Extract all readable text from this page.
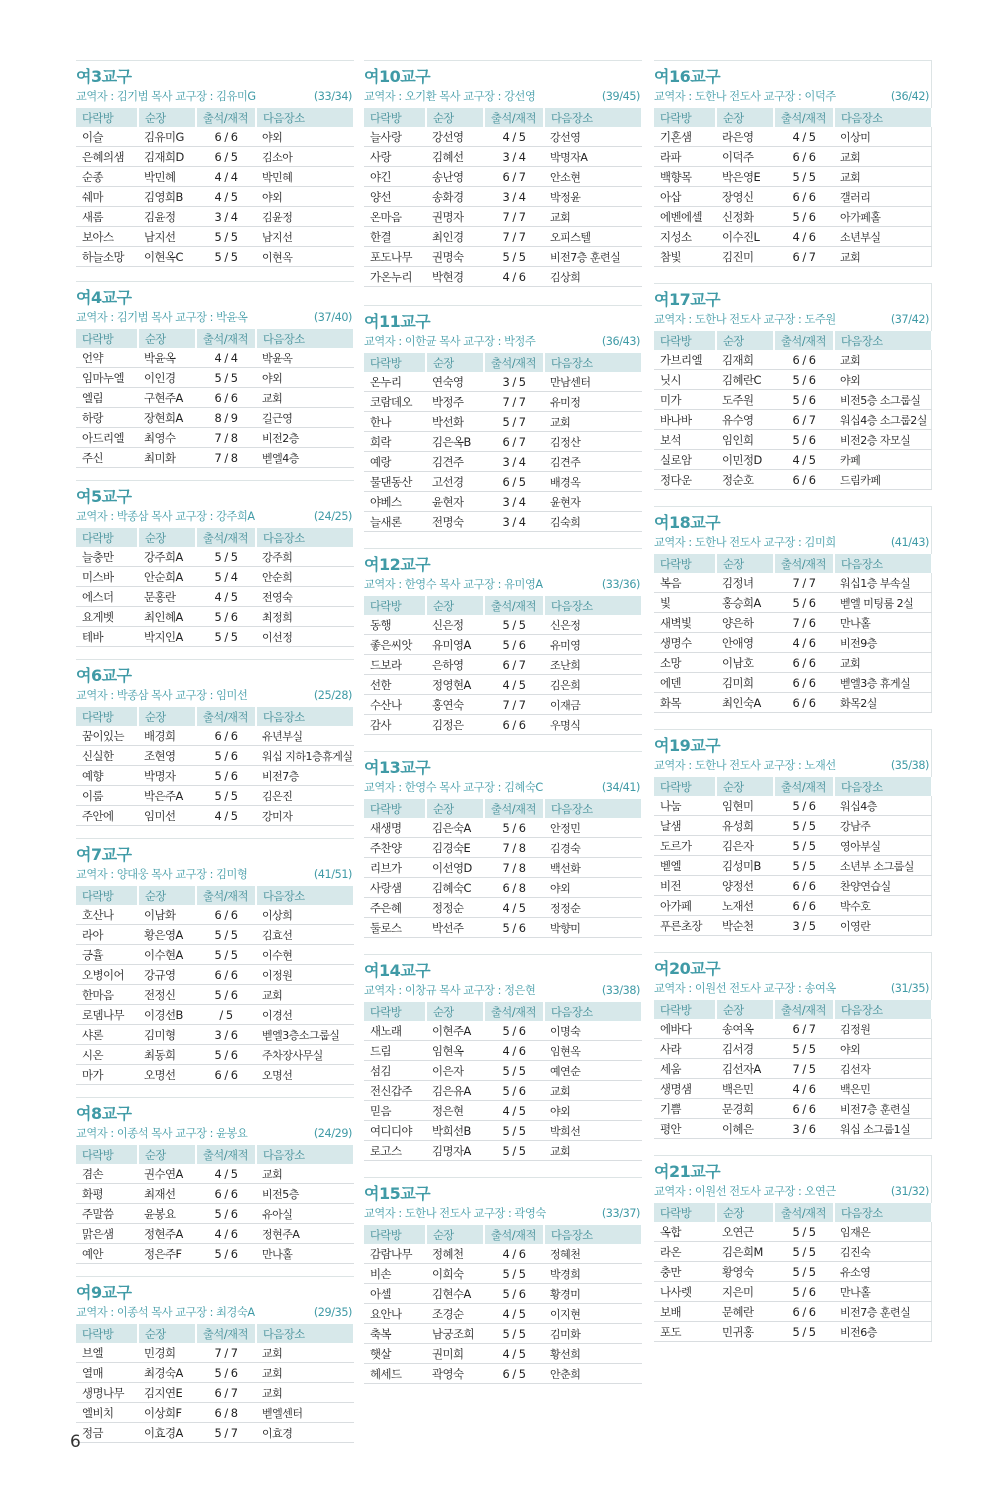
여3교구
교역자 : 김기범 목사 교구장 : 김유미G	(33/34)
다락방	순장	출석/재적	다음장소
이슬	김유미G	6 / 6	야외
은혜의샘	김재희D	6 / 5	김소아
순종	박민혜	4 / 4	박민혜
쉐마	김영희B	4 / 5	야외
새롬	김윤정	3 / 4	김윤정
보아스	남지선	5 / 5	남지선
하늘소망	이현옥C	5 / 5	이현옥
여4교구
교역자 : 김기범 목사 교구장 : 박윤옥	(37/40)
다락방	순장	출석/재적	다음장소
언약	박윤옥	4 / 4	박윤옥
임마누엘	이인경	5 / 5	야외
엘림	구현주A	6 / 6	교회
하랑	장현희A	8 / 9	길근영
아드리엘	최영수	7 / 8	비전2층
주신	최미화	7 / 8	벧엘4층
여5교구
교역자 : 박종삼 목사 교구장 : 강주희A	(24/25)
다락방	순장	출석/재적	다음장소
늘충만	강주희A	5 / 5	강주희
미스바	안순희A	5 / 4	안순희
에스더	문홍란	4 / 5	전영숙
요게벳	최인혜A	5 / 6	최정희
테바	박지인A	5 / 5	이선정
여6교구
교역자 : 박종삼 목사 교구장 : 임미선	(25/28)
다락방	순장	출석/재적	다음장소
꿈이있는	배경희	6 / 6	유년부실
신실한	조현영	5 / 6	워십 지하1층휴게실
예향	박명자	5 / 6	비전7층
이룸	박은주A	5 / 5	김은진
주안에	임미선	4 / 5	강미자
여7교구
교역자 : 양대웅 목사 교구장 : 김미형	(41/51)
다락방	순장	출석/재적	다음장소
호산나	이남화	6 / 6	이상희
라아	황은영A	5 / 5	김효선
긍휼	이수현A	5 / 5	이수현
오병이어	강규영	6 / 6	이정원
한마음	전정신	5 / 6	교회
로뎀나무	이경선B	/ 5	이경선
샤론	김미형	3 / 6	벧엘3층소그룹실
시온	최동희	5 / 6	주차장사무실
마가	오명선	6 / 6	오명선
여8교구
교역자 : 이종석 목사 교구장 : 윤봉요	(24/29)
다락방	순장	출석/재적	다음장소
겸손	권수연A	4 / 5	교회
화평	최재선	6 / 6	비전5층
주말씀	윤봉요	5 / 6	유아실
맑은샘	정현주A	4 / 6	정현주A
예안	정은주F	5 / 6	만나홀
여9교구
교역자 : 이종석 목사 교구장 : 최경숙A	(29/35)
다락방	순장	출석/재적	다음장소
브엘	민경희	7 / 7	교회
열매	최경숙A	5 / 6	교회
생명나무	김지연E	6 / 7	교회
엘비치	이상희F	6 / 8	벧엘센터
정금	이효경A	5 / 7	이효경
여10교구
교역자 : 오기환 목사 교구장 : 강선영	(39/45)
다락방	순장	출석/재적	다음장소
늘사랑	강선영	4 / 5	강선영
사랑	김혜선	3 / 4	박명자A
야긴	송난영	6 / 7	안소현
양선	송화경	3 / 4	박정윤
온마음	권명자	7 / 7	교회
한결	최인경	7 / 7	오피스텔
포도나무	권명숙	5 / 5	비전7층 훈련실
가온누리	박현경	4 / 6	김상희
여11교구
교역자 : 이한균 목사 교구장 : 박정주	(36/43)
다락방	순장	출석/재적	다음장소
온누리	연숙영	3 / 5	만남센터
코람데오	박정주	7 / 7	유미정
한나	박선화	5 / 7	교회
희락	김은옥B	6 / 7	김정산
예랑	김견주	3 / 4	김견주
물댄동산	고선경	6 / 5	배경옥
야베스	윤현자	3 / 4	윤현자
늘새론	전명숙	3 / 4	김숙희
여12교구
교역자 : 한영수 목사 교구장 : 유미영A	(33/36)
다락방	순장	출석/재적	다음장소
동행	신은정	5 / 5	신은정
좋은씨앗	유미영A	5 / 6	유미영
드보라	은하영	6 / 7	조난희
선한	정영현A	4 / 5	김은희
수산나	홍연숙	7 / 7	이재금
감사	김정은	6 / 6	우명식
여13교구
교역자 : 한영수 목사 교구장 : 김혜숙C	(34/41)
다락방	순장	출석/재적	다음장소
새생명	김은숙A	5 / 6	안정민
주찬양	김경숙E	7 / 8	김경숙
리브가	이선영D	7 / 8	백선화
사랑샘	김혜숙C	6 / 8	야외
주은혜	정정순	4 / 5	정정순
둘로스	박선주	5 / 6	박향미
여14교구
교역자 : 이창규 목사 교구장 : 정은현	(33/38)
다락방	순장	출석/재적	다음장소
새노래	이현주A	5 / 6	이명숙
드림	임현옥	4 / 6	임현옥
섬김	이은자	5 / 5	예연순
전신갑주	김은유A	5 / 6	교회
믿음	정은현	4 / 5	야외
여디디야	박희선B	5 / 5	박희선
로고스	김명자A	5 / 5	교회
여15교구
교역자 : 도한나 전도사 교구장 : 곽영숙	(33/37)
다락방	순장	출석/재적	다음장소
감람나무	정혜천	4 / 6	정혜천
비손	이희숙	5 / 5	박경희
아셀	김현수A	5 / 6	황경미
요안나	조경순	4 / 5	이지현
축복	남궁조희	5 / 5	김미화
햇살	권미희	4 / 5	황선희
헤세드	곽영숙	6 / 5	안춘희
여16교구
교역자 : 도한나 전도사 교구장 : 이덕주	(36/42)
다락방	순장	출석/재적	다음장소
기혼샘	라은영	4 / 5	이상미
라파	이덕주	6 / 6	교회
백향목	박은영E	5 / 5	교회
아삽	장영신	6 / 6	갤러리
에벤에셀	신정화	5 / 6	아가페홀
지성소	이수진L	4 / 6	소년부실
참빛	김진미	6 / 7	교회
여17교구
교역자 : 도한나 전도사 교구장 : 도주원	(37/42)
다락방	순장	출석/재적	다음장소
가브리엘	김재희	6 / 6	교회
닛시	김혜란C	5 / 6	야외
미가	도주원	5 / 6	비전5층 소그룹실
바나바	유수영	6 / 7	워십4층 소그룹2실
보석	임인희	5 / 6	비전2층 자모실
실로암	이민정D	4 / 5	카페
정다운	정순호	6 / 6	드림카페
여18교구
교역자 : 도한나 전도사 교구장 : 김미희	(41/43)
다락방	순장	출석/재적	다음장소
복음	김정녀	7 / 7	워십1층 부속실
빛	홍승희A	5 / 6	벧엘 미팅룸 2실
새벽빛	양은하	7 / 6	만나홀
생명수	안애영	4 / 6	비전9층
소망	이남호	6 / 6	교회
에덴	김미희	6 / 6	벧엘3층 휴게실
화목	최인숙A	6 / 6	화목2실
여19교구
교역자 : 도한나 전도사 교구장 : 노재선	(35/38)
다락방	순장	출석/재적	다음장소
나눔	임현미	5 / 6	워십4층
날샘	유성희	5 / 5	강남주
도르가	김은자	5 / 5	영아부실
벧엘	김성미B	5 / 5	소년부 소그룹실
비전	양정선	6 / 6	찬양연습실
아가페	노재선	6 / 6	박수호
푸른초장	박순천	3 / 5	이영란
여20교구
교역자 : 이원선 전도사 교구장 : 송여옥	(31/35)
다락방	순장	출석/재적	다음장소
에바다	송여옥	6 / 7	김정원
사라	김서경	5 / 5	야외
세움	김선자A	7 / 5	김선자
생명샘	백은민	4 / 6	백은민
기쁨	문경희	6 / 6	비전7층 훈련실
평안	이혜은	3 / 6	워십 소그룹1실
여21교구
교역자 : 이원선 전도사 교구장 : 오연근	(31/32)
다락방	순장	출석/재적	다음장소
옥합	오연근	5 / 5	임재은
라온	김은희M	5 / 5	김진숙
충만	황영숙	5 / 5	유소영
나사렛	지은미	5 / 6	만나홀
보배	문혜란	6 / 6	비전7층 훈련실
포도	민귀홍	5 / 5	비전6층
6
